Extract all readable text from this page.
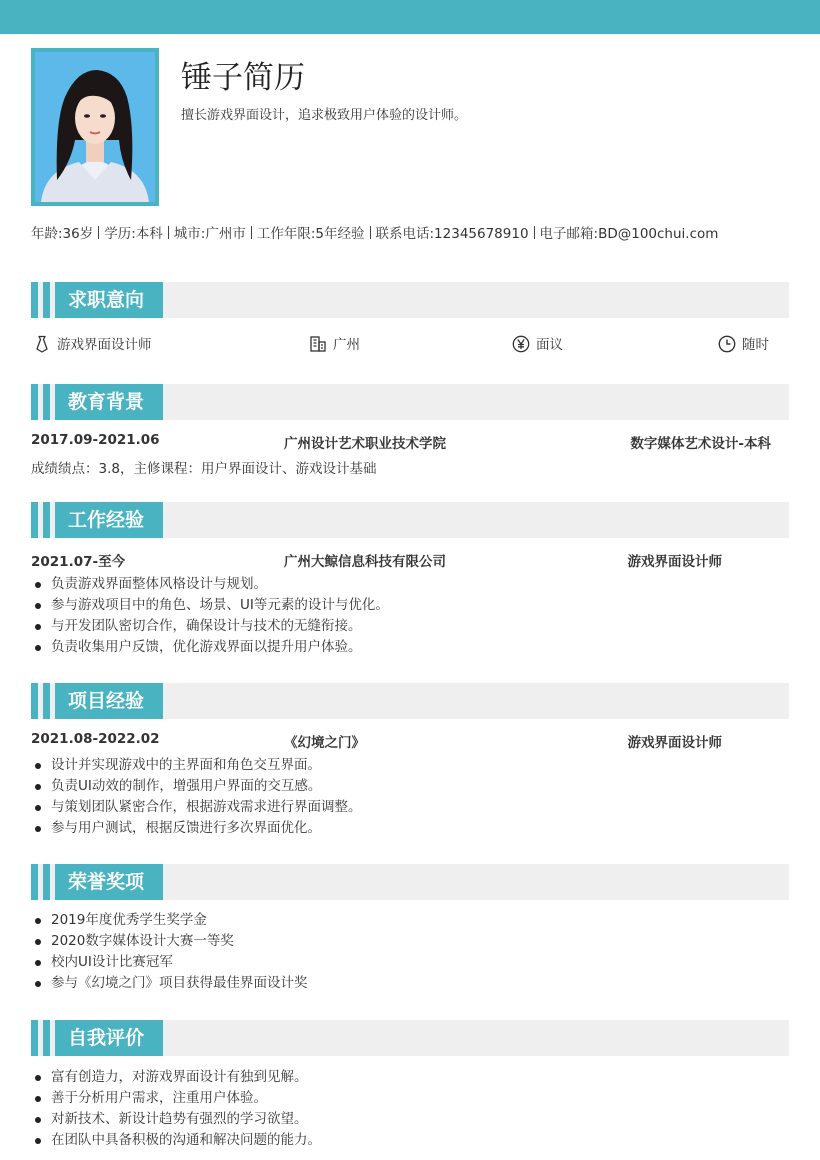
锤子简历
擅长游戏界面设计，追求极致用户体验的设计师。
年龄:36岁 学历:本科 城市:广州市 工作年限:5年经验 联系电话:12345678910 电子邮箱:BD@100chui.com
求职意向
游戏界面设计师	广州	面议	随时
教育背景
2017.09-2021.06	广州设计艺术职业技术学院	数字媒体艺术设计-本科
成绩绩点：3.8，主修课程：用户界面设计、游戏设计基础
工作经验
2021.07-至今	广州大鲸信息科技有限公司	游戏界面设计师
负责游戏界面整体风格设计与规划。
参与游戏项目中的角色、场景、UI等元素的设计与优化。
与开发团队密切合作，确保设计与技术的无缝衔接。
负责收集用户反馈，优化游戏界面以提升用户体验。
项目经验
2021.08-2022.02	《幻境之门》	游戏界面设计师
设计并实现游戏中的主界面和角色交互界面。
负责UI动效的制作，增强用户界面的交互感。
与策划团队紧密合作，根据游戏需求进行界面调整。
参与用户测试，根据反馈进行多次界面优化。
荣誉奖项
2019年度优秀学生奖学金
2020数字媒体设计大赛一等奖
校内UI设计比赛冠军
参与《幻境之门》项目获得最佳界面设计奖
自我评价
富有创造力，对游戏界面设计有独到见解。
善于分析用户需求，注重用户体验。
对新技术、新设计趋势有强烈的学习欲望。
在团队中具备积极的沟通和解决问题的能力。
